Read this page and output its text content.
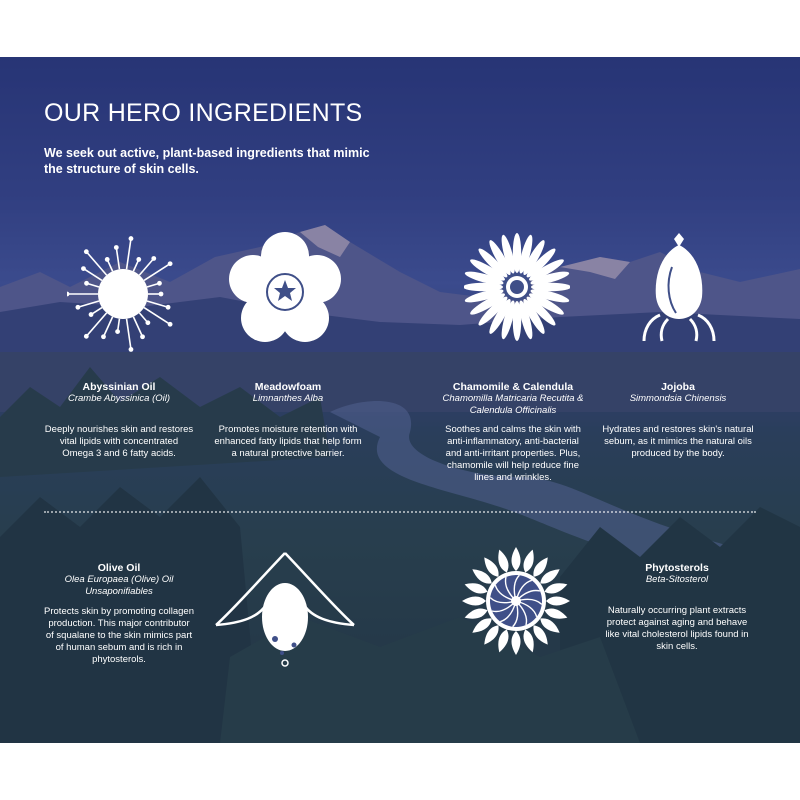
OUR HERO INGREDIENTS

We seek out active, plant-based ingredients that mimic the structure of skin cells.

Abyssinian Oil
Crambe Abyssinica (Oil)
Deeply nourishes skin and restores vital lipids with concentrated Omega 3 and 6 fatty acids.
Meadowfoam
Limnanthes Alba
Promotes moisture retention with enhanced fatty lipids that help form a natural protective barrier.
Chamomile & Calendula
Chamomilla Matricaria Recutita & Calendula Officinalis
Soothes and calms the skin with anti-inflammatory, anti-bacterial and anti-irritant properties. Plus, chamomile will help reduce fine lines and wrinkles.
Jojoba
Simmondsia Chinensis
Hydrates and restores skin's natural sebum, as it mimics the natural oils produced by the body.
Olive Oil
Olea Europaea (Olive) Oil Unsaponifiables
Protects skin by promoting collagen production. This major contributor of squalane to the skin mimics part of human sebum and is rich in phytosterols.
Phytosterols
Beta-Sitosterol
Naturally occurring plant extracts protect against aging and behave like vital cholesterol lipids found in skin cells.
